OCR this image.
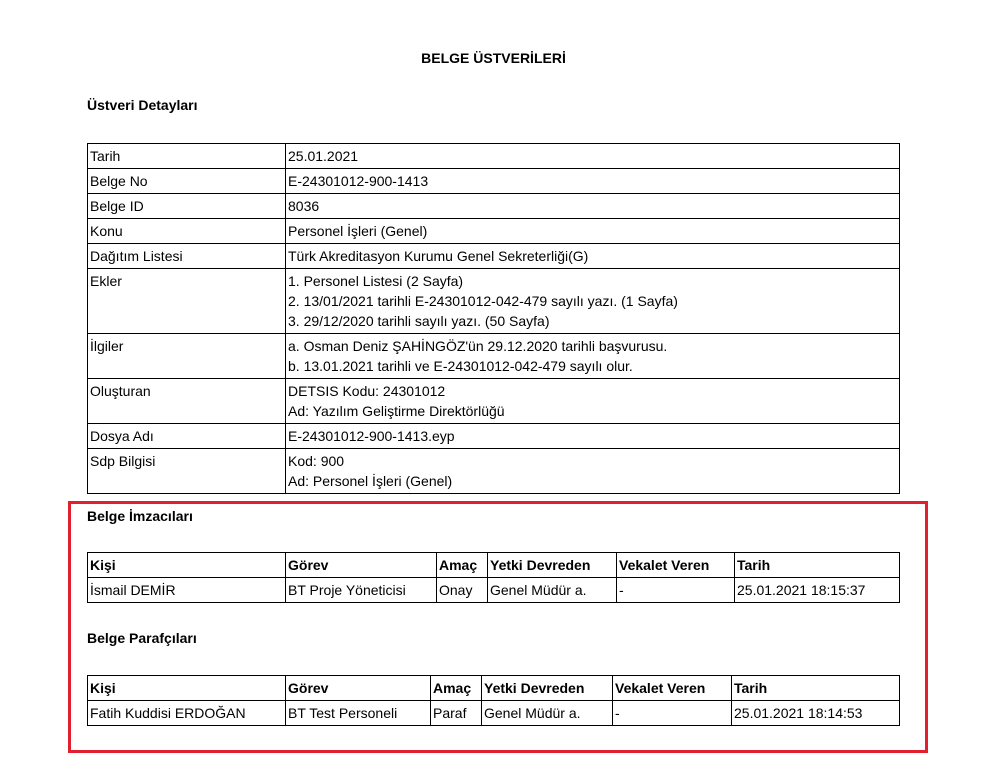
BELGE ÜSTVERİLERİ
Üstveri Detayları
Tarih	25.01.2021

Belge No	E-24301012-900-1413

Belge ID	8036

Konu	Personel İşleri (Genel)

Dağıtım Listesi	Türk Akreditasyon Kurumu Genel Sekreterliği(G)

Ekler	1. Personel Listesi (2 Sayfa)
2. 13/01/2021 tarihli E-24301012-042-479 sayılı yazı. (1 Sayfa)
3. 29/12/2020 tarihli sayılı yazı. (50 Sayfa)

İlgiler	a. Osman Deniz ŞAHİNGÖZ'ün 29.12.2020 tarihli başvurusu.
b. 13.01.2021 tarihli ve E-24301012-042-479 sayılı olur.

Oluşturan	DETSIS Kodu: 24301012
Ad: Yazılım Geliştirme Direktörlüğü

Dosya Adı	E-24301012-900-1413.eyp

Sdp Bilgisi	Kod: 900
Ad: Personel İşleri (Genel)
Belge İmzacıları
Kişi	Görev	Amaç	Yetki Devreden	Vekalet Veren	Tarih
İsmail DEMİR	BT Proje Yöneticisi	Onay	Genel Müdür a.	-	25.01.2021 18:15:37
Belge Parafçıları
Kişi	Görev	Amaç	Yetki Devreden	Vekalet Veren	Tarih
Fatih Kuddisi ERDOĞAN	BT Test Personeli	Paraf	Genel Müdür a.	-	25.01.2021 18:14:53
